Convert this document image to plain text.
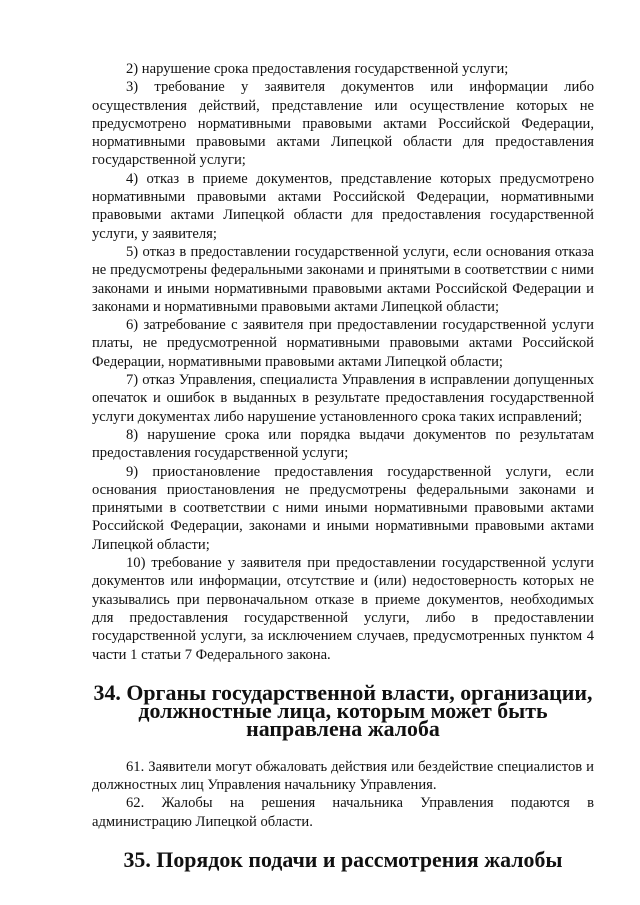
2) нарушение срока предоставления государственной услуги;

3) требование у заявителя документов или информации либо осуществления действий, представление или осуществление которых не предусмотрено нормативными правовыми актами Российской Федерации, нормативными правовыми актами Липецкой области для предоставления государственной услуги;

4) отказ в приеме документов, представление которых предусмотрено нормативными правовыми актами Российской Федерации, нормативными правовыми актами Липецкой области для предоставления государственной услуги, у заявителя;

5) отказ в предоставлении государственной услуги, если основания отказа не предусмотрены федеральными законами и принятыми в соответствии с ними законами и иными нормативными правовыми актами Российской Федерации и законами и нормативными правовыми актами Липецкой области;

6) затребование с заявителя при предоставлении государственной услуги платы, не предусмотренной нормативными правовыми актами Российской Федерации, нормативными правовыми актами Липецкой области;

7) отказ Управления, специалиста Управления в исправлении допущенных опечаток и ошибок в выданных в результате предоставления государственной услуги документах либо нарушение установленного срока таких исправлений;

8) нарушение срока или порядка выдачи документов по результатам предоставления государственной услуги;

9) приостановление предоставления государственной услуги, если основания приостановления не предусмотрены федеральными законами и принятыми в соответствии с ними иными нормативными правовыми актами Российской Федерации, законами и иными нормативными правовыми актами Липецкой области;

10) требование у заявителя при предоставлении государственной услуги документов или информации, отсутствие и (или) недостоверность которых не указывались при первоначальном отказе в приеме документов, необходимых для предоставления государственной услуги, либо в предоставлении государственной услуги, за исключением случаев, предусмотренных пунктом 4 части 1 статьи 7 Федерального закона.

34. Органы государственной власти, организации, должностные лица, которым может быть направлена жалоба

61. Заявители могут обжаловать действия или бездействие специалистов и должностных лиц Управления начальнику Управления.

62. Жалобы на решения начальника Управления подаются в администрацию Липецкой области.

35. Порядок подачи и рассмотрения жалобы
